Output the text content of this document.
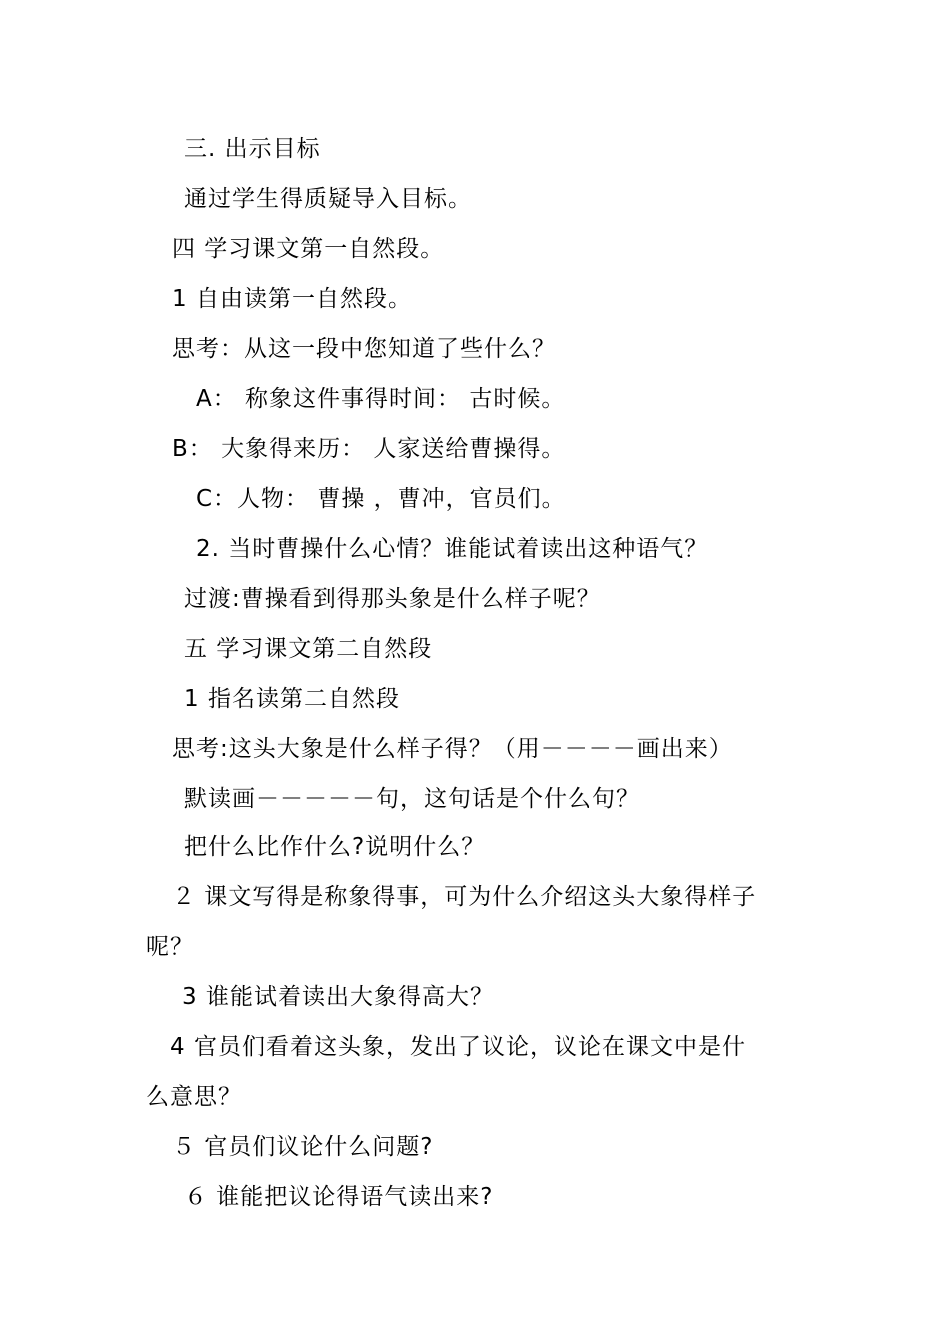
三. 出示目标
通过学生得质疑导入目标。
四 学习课文第一自然段。
1 自由读第一自然段。
思考：从这一段中您知道了些什么？
A： 称象这件事得时间： 古时候。
B： 大象得来历： 人家送给曹操得。
C：人物： 曹操 ，曹冲，官员们。
2. 当时曹操什么心情？谁能试着读出这种语气？
过渡:曹操看到得那头象是什么样子呢？
五 学习课文第二自然段
1 指名读第二自然段
思考:这头大象是什么样子得？（用－－－－画出来）
默读画－－－－－句，这句话是个什么句？
把什么比作什么?说明什么？
２ 课文写得是称象得事，可为什么介绍这头大象得样子
呢？
3 谁能试着读出大象得高大？
4 官员们看着这头象，发出了议论，议论在课文中是什
么意思？
５ 官员们议论什么问题?
６ 谁能把议论得语气读出来?
